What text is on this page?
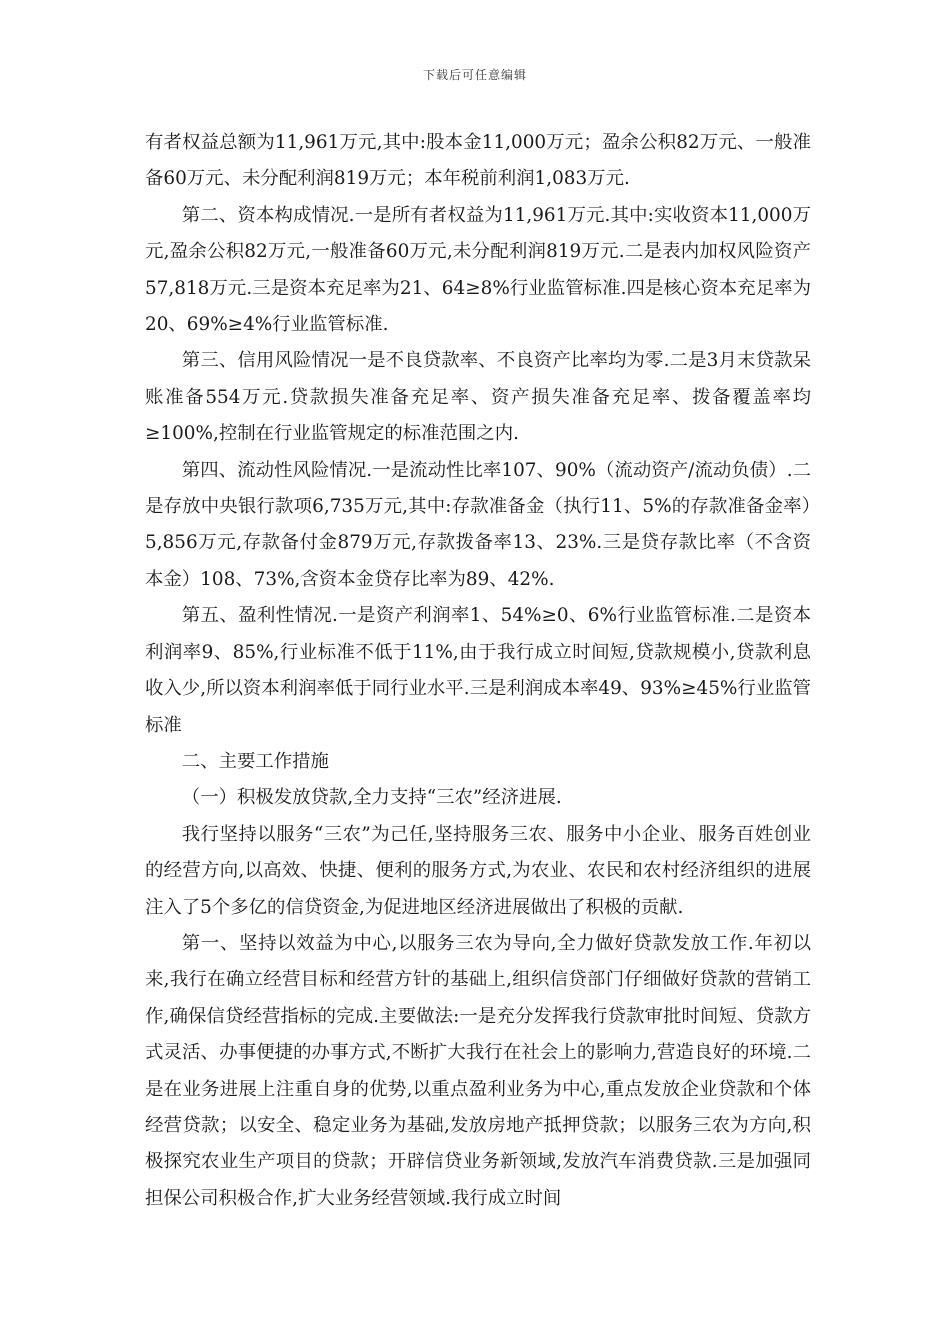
下载后可任意编辑

有者权益总额为11,961万元,其中:股本金11,000万元；盈余公积82万元、一般准备60万元、未分配利润819万元；本年税前利润1,083万元.

第二、资本构成情况.一是所有者权益为11,961万元.其中:实收资本11,000万元,盈余公积82万元,一般准备60万元,未分配利润819万元.二是表内加权风险资产57,818万元.三是资本充足率为21、64≥8%行业监管标准.四是核心资本充足率为20、69%≥4%行业监管标准.

第三、信用风险情况一是不良贷款率、不良资产比率均为零.二是3月末贷款呆账准备554万元.贷款损失准备充足率、资产损失准备充足率、拨备覆盖率均≥100%,控制在行业监管规定的标准范围之内.

第四、流动性风险情况.一是流动性比率107、90%（流动资产/流动负债）.二是存放中央银行款项6,735万元,其中:存款准备金（执行11、5%的存款准备金率）5,856万元,存款备付金879万元,存款拨备率13、23%.三是贷存款比率（不含资本金）108、73%,含资本金贷存比率为89、42%.

第五、盈利性情况.一是资产利润率1、54%≥0、6%行业监管标准.二是资本利润率9、85%,行业标准不低于11%,由于我行成立时间短,贷款规模小,贷款利息收入少,所以资本利润率低于同行业水平.三是利润成本率49、93%≥45%行业监管标准

二、主要工作措施

（一）积极发放贷款,全力支持“三农”经济进展.

我行坚持以服务“三农”为己任,坚持服务三农、服务中小企业、服务百姓创业的经营方向,以高效、快捷、便利的服务方式,为农业、农民和农村经济组织的进展注入了5个多亿的信贷资金,为促进地区经济进展做出了积极的贡献.

第一、坚持以效益为中心,以服务三农为导向,全力做好贷款发放工作.年初以来,我行在确立经营目标和经营方针的基础上,组织信贷部门仔细做好贷款的营销工作,确保信贷经营指标的完成.主要做法:一是充分发挥我行贷款审批时间短、贷款方式灵活、办事便捷的办事方式,不断扩大我行在社会上的影响力,营造良好的环境.二是在业务进展上注重自身的优势,以重点盈利业务为中心,重点发放企业贷款和个体经营贷款；以安全、稳定业务为基础,发放房地产抵押贷款；以服务三农为方向,积极探究农业生产项目的贷款；开辟信贷业务新领域,发放汽车消费贷款.三是加强同担保公司积极合作,扩大业务经营领域.我行成立时间
